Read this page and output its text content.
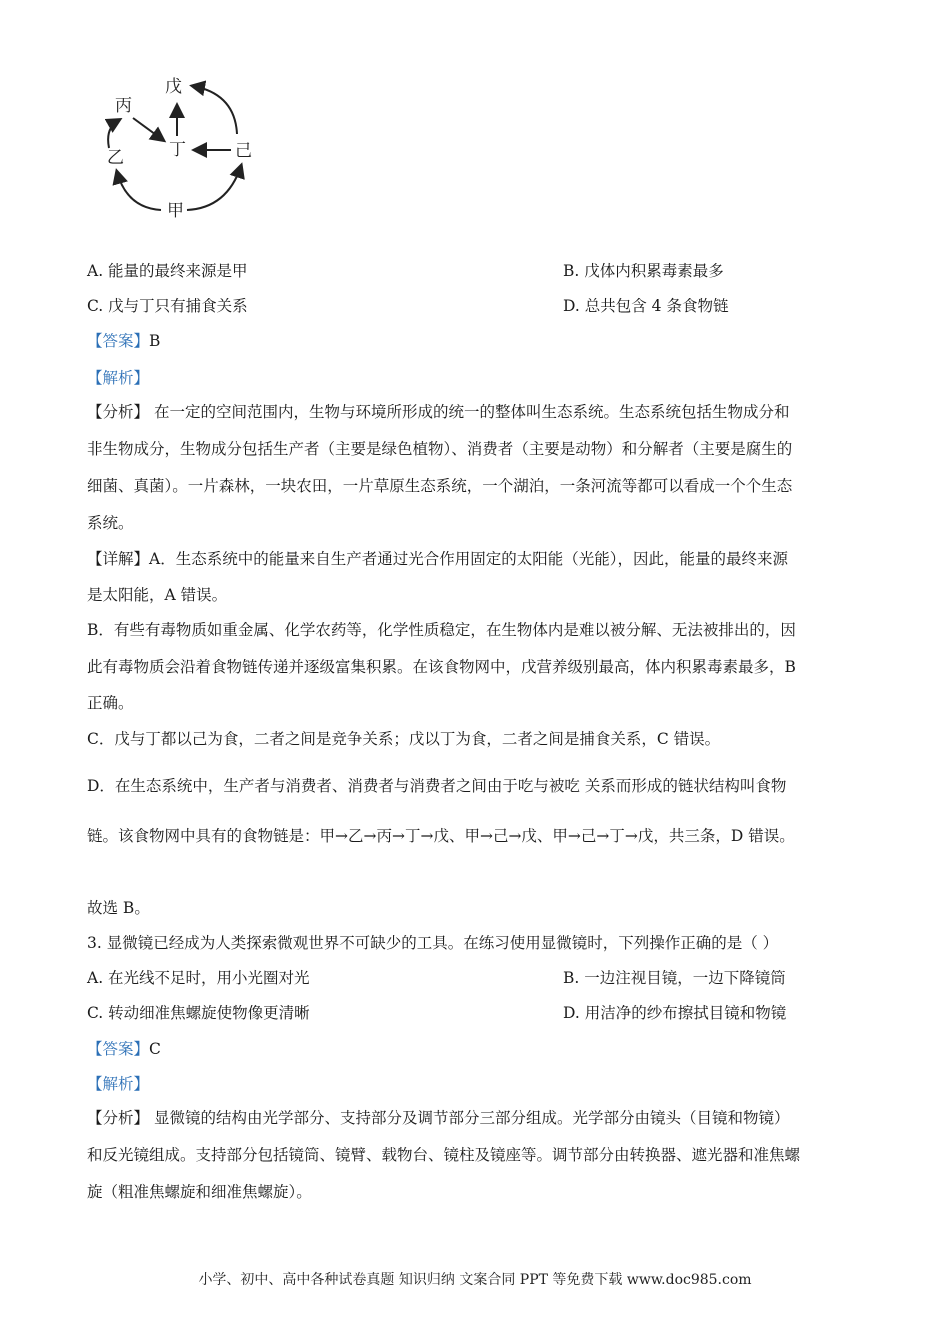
戊
丙
丁
乙	己
甲
A. 能量的最终来源是甲	B. 戊体内积累毒素最多
C. 戊与丁只有捕食关系	D. 总共包含 4 条食物链
【答案】B
【解析】
【分析】 在一定的空间范围内，生物与环境所形成的统一的整体叫生态系统。生态系统包括生物成分和
非生物成分，生物成分包括生产者（主要是绿色植物）、消费者（主要是动物）和分解者（主要是腐生的
细菌、真菌）。一片森林，一块农田，一片草原生态系统，一个湖泊，一条河流等都可以看成一个个生态
系统。
【详解】A．生态系统中的能量来自生产者通过光合作用固定的太阳能（光能），因此，能量的最终来源
是太阳能，A 错误。
B．有些有毒物质如重金属、化学农药等，化学性质稳定，在生物体内是难以被分解、无法被排出的，因
此有毒物质会沿着食物链传递并逐级富集积累。在该食物网中，戊营养级别最高，体内积累毒素最多，B
正确。
C．戊与丁都以己为食，二者之间是竞争关系；戊以丁为食，二者之间是捕食关系，C 错误。
D．在生态系统中，生产者与消费者、消费者与消费者之间由于吃与被吃 关系而形成的链状结构叫食物
链。该食物网中具有的食物链是：甲→乙→丙→丁→戊、甲→己→戊、甲→己→丁→戊，共三条，D 错误。
故选 B。
3. 显微镜已经成为人类探索微观世界不可缺少的工具。在练习使用显微镜时，下列操作正确的是（ ）
A. 在光线不足时，用小光圈对光	B. 一边注视目镜，一边下降镜筒
C. 转动细准焦螺旋使物像更清晰	D. 用洁净的纱布擦拭目镜和物镜
【答案】C
【解析】
【分析】 显微镜的结构由光学部分、支持部分及调节部分三部分组成。光学部分由镜头（目镜和物镜）
和反光镜组成。支持部分包括镜筒、镜臂、载物台、镜柱及镜座等。调节部分由转换器、遮光器和准焦螺
旋（粗准焦螺旋和细准焦螺旋）。
小学、初中、高中各种试卷真题 知识归纳 文案合同 PPT 等免费下载 www.doc985.com
